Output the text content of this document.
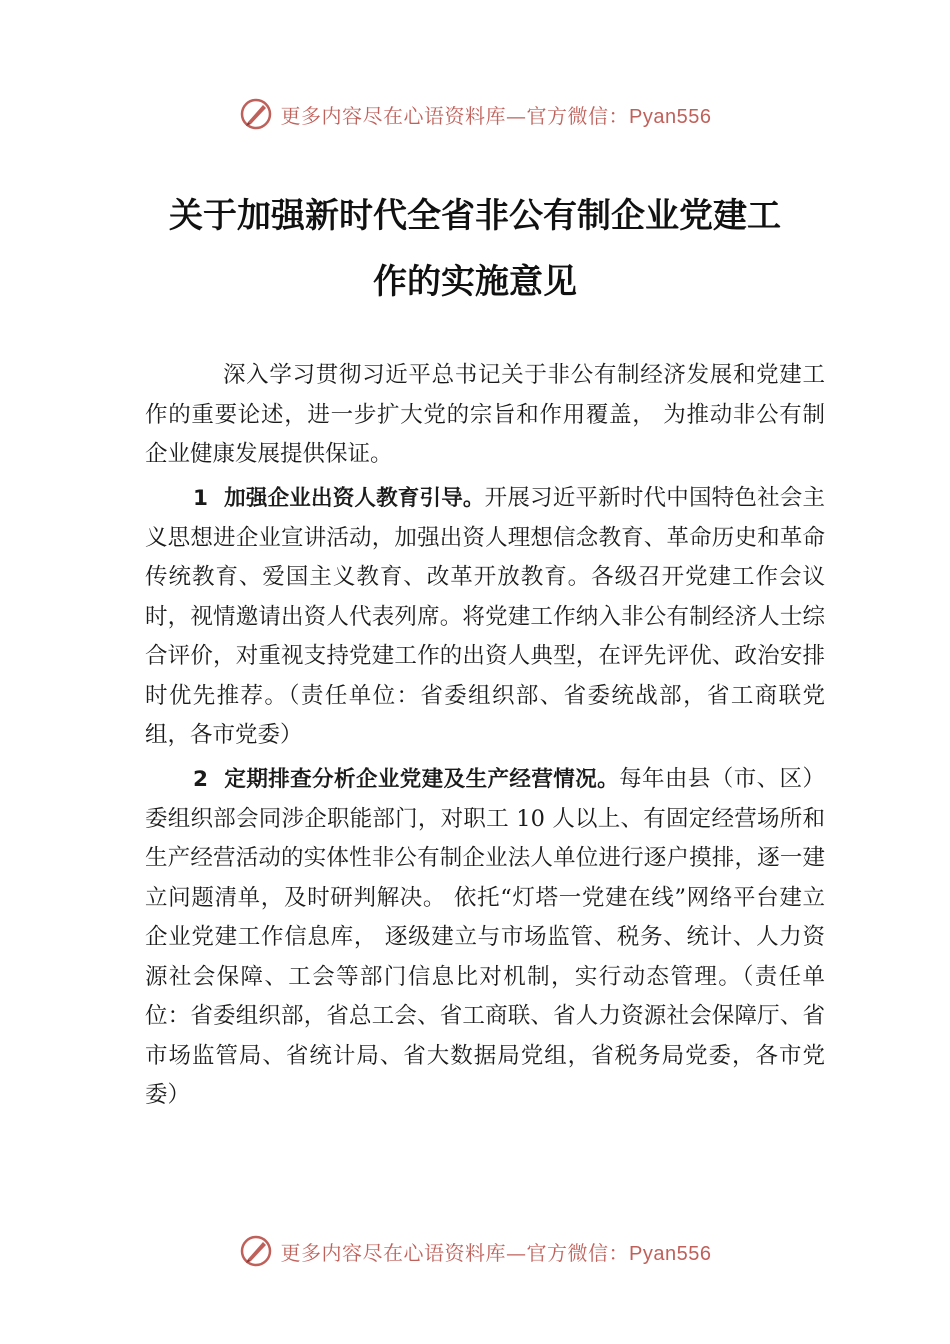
更多内容尽在心语资料库—官方微信：Pyan556
关于加强新时代全省非公有制企业党建工
作的实施意见
深入学习贯彻习近平总书记关于非公有制经济发展和党建工作的重要论述，进一步扩大党的宗旨和作用覆盖， 为推动非公有制企业健康发展提供保证。
1 加强企业出资人教育引导。开展习近平新时代中国特色社会主义思想进企业宣讲活动，加强出资人理想信念教育、革命历史和革命传统教育、爱国主义教育、改革开放教育。各级召开党建工作会议时，视情邀请出资人代表列席。将党建工作纳入非公有制经济人士综合评价，对重视支持党建工作的出资人典型，在评先评优、政治安排时优先推荐。（责任单位：省委组织部、省委统战部，省工商联党组，各市党委）
2 定期排查分析企业党建及生产经营情况。每年由县（市、区）委组织部会同涉企职能部门，对职工 10 人以上、有固定经营场所和生产经营活动的实体性非公有制企业法人单位进行逐户摸排，逐一建立问题清单，及时研判解决。 依托“灯塔一党建在线”网络平台建立企业党建工作信息库， 逐级建立与市场监管、税务、统计、人力资源社会保障、工会等部门信息比对机制，实行动态管理。（责任单位：省委组织部，省总工会、省工商联、省人力资源社会保障厅、省市场监管局、省统计局、省大数据局党组，省税务局党委，各市党委）
更多内容尽在心语资料库—官方微信：Pyan556
